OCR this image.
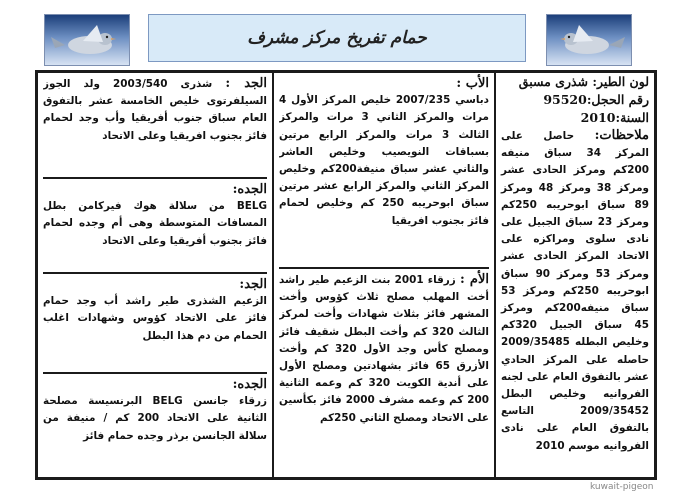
حمام تفريخ مركز مشرف
لون الطير: شذرى مسبق
رقم الحجل:95520
السنة:2010
ملاحظات: حاصل على المركز 34 سباق منيفه 200كم ومركز الحادى عشر ومركز 38 ومركز 48 ومركز 89 سباق ابوحريبه 250كم ومركز 23 سباق الجبيل على نادى سلوى ومراكزه على الاتحاد المركز الحادى عشر ومركز 53 ومركز 90 سباق ابوحريبه 250كم ومركز 53 سباق منيفه200كم ومركز 45 سباق الجبيل 320كم وخليص البطله 2009/35485 حاصله على المركز الحادي عشر بالتفوق العام على لجنه الفروانيه وخليص البطل 2009/35452 التاسع بالتفوق العام على نادى الفروانيه موسم 2010
الأب :
دباسي 2007/235 خليص المركز الأول 4 مرات والمركز الثاني 3 مرات والمركز الثالث 3 مرات والمركز الرابع مرتين بسباقات النويصيب وخليص العاشر والثاني عشر سباق منيفة200كم وخليص المركز الثاني والمركز الرابع عشر مرتين سباق ابوحريبه 250 كم وخليص لحمام فائز بجنوب افريقيا
الأم : زرقاء 2001 بنت الزعيم طير راشد أخت المهلب مصلح ثلاث كؤوس وأخت المشهر فائز بثلاث شهادات وأخت لمركز الثالث 320 كم وأخت البطل شقيف فائز ومصلح كأس وجد الأول 320 كم وأخت الأزرق 65 فائز بشهادتين ومصلح الأول على أندية الكويت 320 كم وعمه الثانية 200 كم وعمه مشرف 2000 فائز بكأسين على الاتحاد ومصلح الثاني 250كم
الجد : شذرى 2003/540 ولد الجوز السيلفرتوى خليص الخامسة عشر بالتفوق العام سباق جنوب أفريقيا وأب وجد لحمام فائز بجنوب افريقيا وعلى الاتحاد
الجده:
BELG من سلالة هوك فيركامن بطل المسافات المتوسطة وهى أم وجده لحمام فائز بجنوب أفريقيا وعلى الاتحاد
الجد:
الزعيم الشذرى طير راشد أب وجد حمام فائز على الاتحاد كؤوس وشهادات اغلب الحمام من دم هذا البطل
الجده:
زرقاء جانسن BELG البرنسيسة مصلحة الثانية على الاتحاد 200 كم / منيفة من سلالة الجانسن برذر وجده حمام فائز
kuwait-pigeon
